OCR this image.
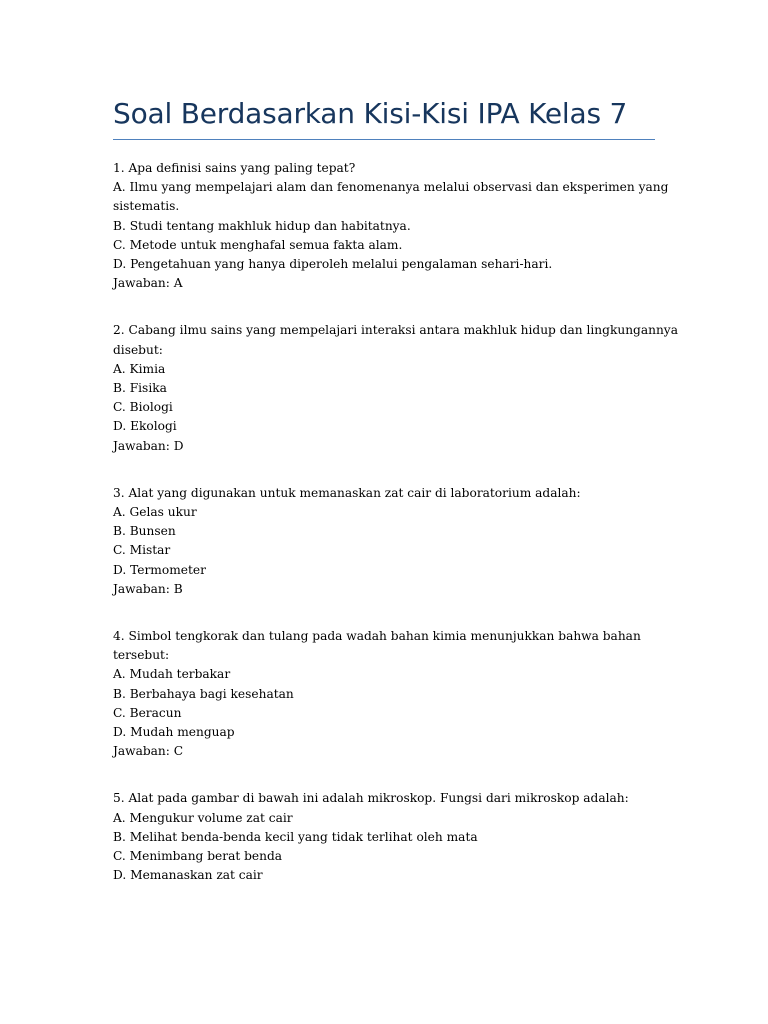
Soal Berdasarkan Kisi-Kisi IPA Kelas 7
1. Apa definisi sains yang paling tepat?
A. Ilmu yang mempelajari alam dan fenomenanya melalui observasi dan eksperimen yang
sistematis.
B. Studi tentang makhluk hidup dan habitatnya.
C. Metode untuk menghafal semua fakta alam.
D. Pengetahuan yang hanya diperoleh melalui pengalaman sehari-hari.
Jawaban: A
2. Cabang ilmu sains yang mempelajari interaksi antara makhluk hidup dan lingkungannya
disebut:
A. Kimia
B. Fisika
C. Biologi
D. Ekologi
Jawaban: D
3. Alat yang digunakan untuk memanaskan zat cair di laboratorium adalah:
A. Gelas ukur
B. Bunsen
C. Mistar
D. Termometer
Jawaban: B
4. Simbol tengkorak dan tulang pada wadah bahan kimia menunjukkan bahwa bahan
tersebut:
A. Mudah terbakar
B. Berbahaya bagi kesehatan
C. Beracun
D. Mudah menguap
Jawaban: C
5. Alat pada gambar di bawah ini adalah mikroskop. Fungsi dari mikroskop adalah:
A. Mengukur volume zat cair
B. Melihat benda-benda kecil yang tidak terlihat oleh mata
C. Menimbang berat benda
D. Memanaskan zat cair
